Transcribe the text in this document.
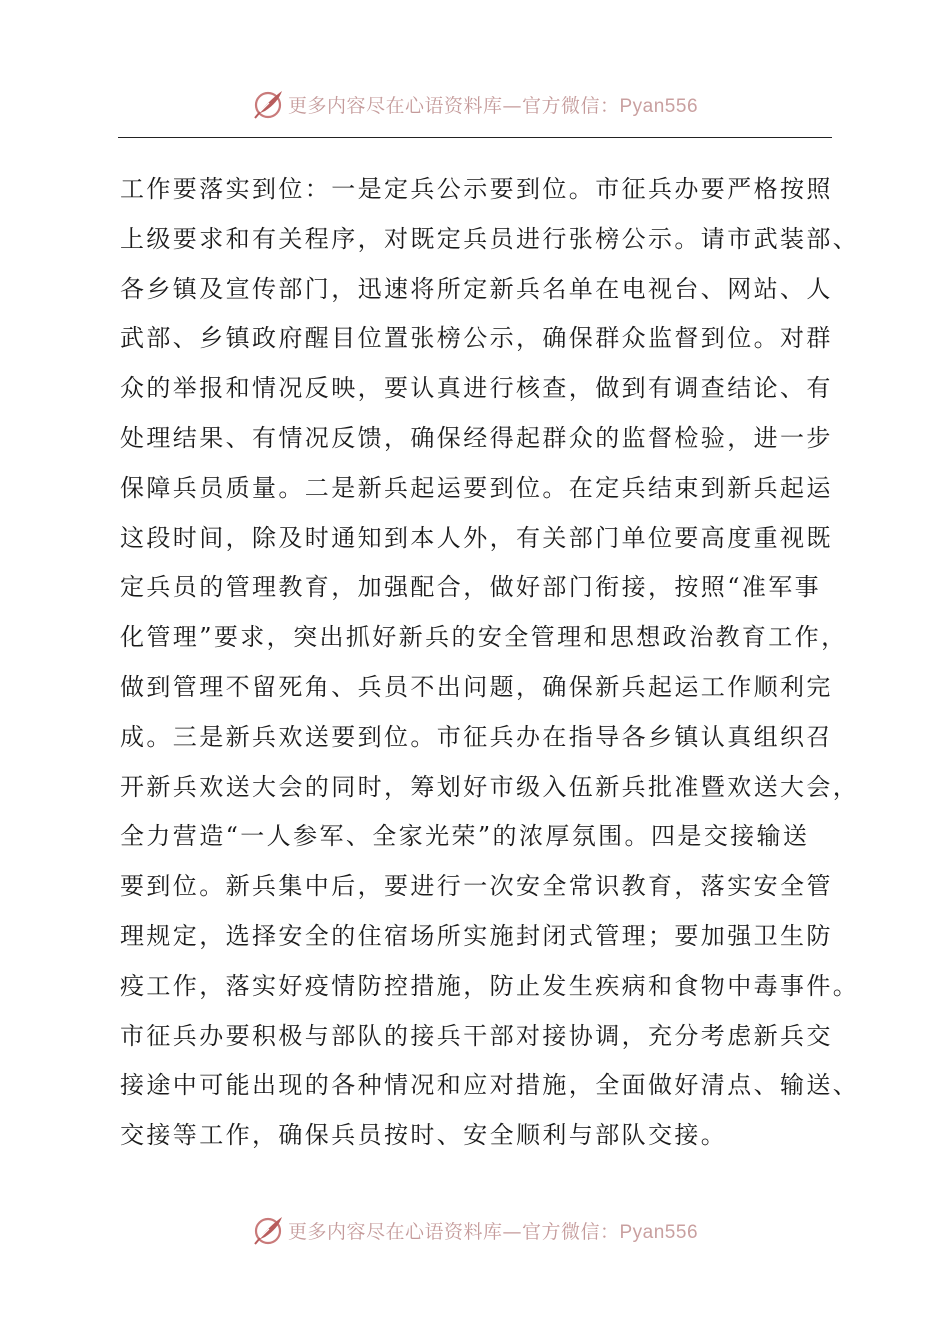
更多内容尽在心语资料库—官方微信：Pyan556
工作要落实到位：一是定兵公示要到位。市征兵办要严格按照
上级要求和有关程序，对既定兵员进行张榜公示。请市武装部、
各乡镇及宣传部门，迅速将所定新兵名单在电视台、网站、人
武部、乡镇政府醒目位置张榜公示，确保群众监督到位。对群
众的举报和情况反映，要认真进行核查，做到有调查结论、有
处理结果、有情况反馈，确保经得起群众的监督检验，进一步
保障兵员质量。二是新兵起运要到位。在定兵结束到新兵起运
这段时间，除及时通知到本人外，有关部门单位要高度重视既
定兵员的管理教育，加强配合，做好部门衔接，按照“准军事
化管理”要求，突出抓好新兵的安全管理和思想政治教育工作，
做到管理不留死角、兵员不出问题，确保新兵起运工作顺利完
成。三是新兵欢送要到位。市征兵办在指导各乡镇认真组织召
开新兵欢送大会的同时，筹划好市级入伍新兵批准暨欢送大会，
全力营造“一人参军、全家光荣”的浓厚氛围。四是交接输送
要到位。新兵集中后，要进行一次安全常识教育，落实安全管
理规定，选择安全的住宿场所实施封闭式管理；要加强卫生防
疫工作，落实好疫情防控措施，防止发生疾病和食物中毒事件。
市征兵办要积极与部队的接兵干部对接协调，充分考虑新兵交
接途中可能出现的各种情况和应对措施，全面做好清点、输送、
交接等工作，确保兵员按时、安全顺利与部队交接。
更多内容尽在心语资料库—官方微信：Pyan556
